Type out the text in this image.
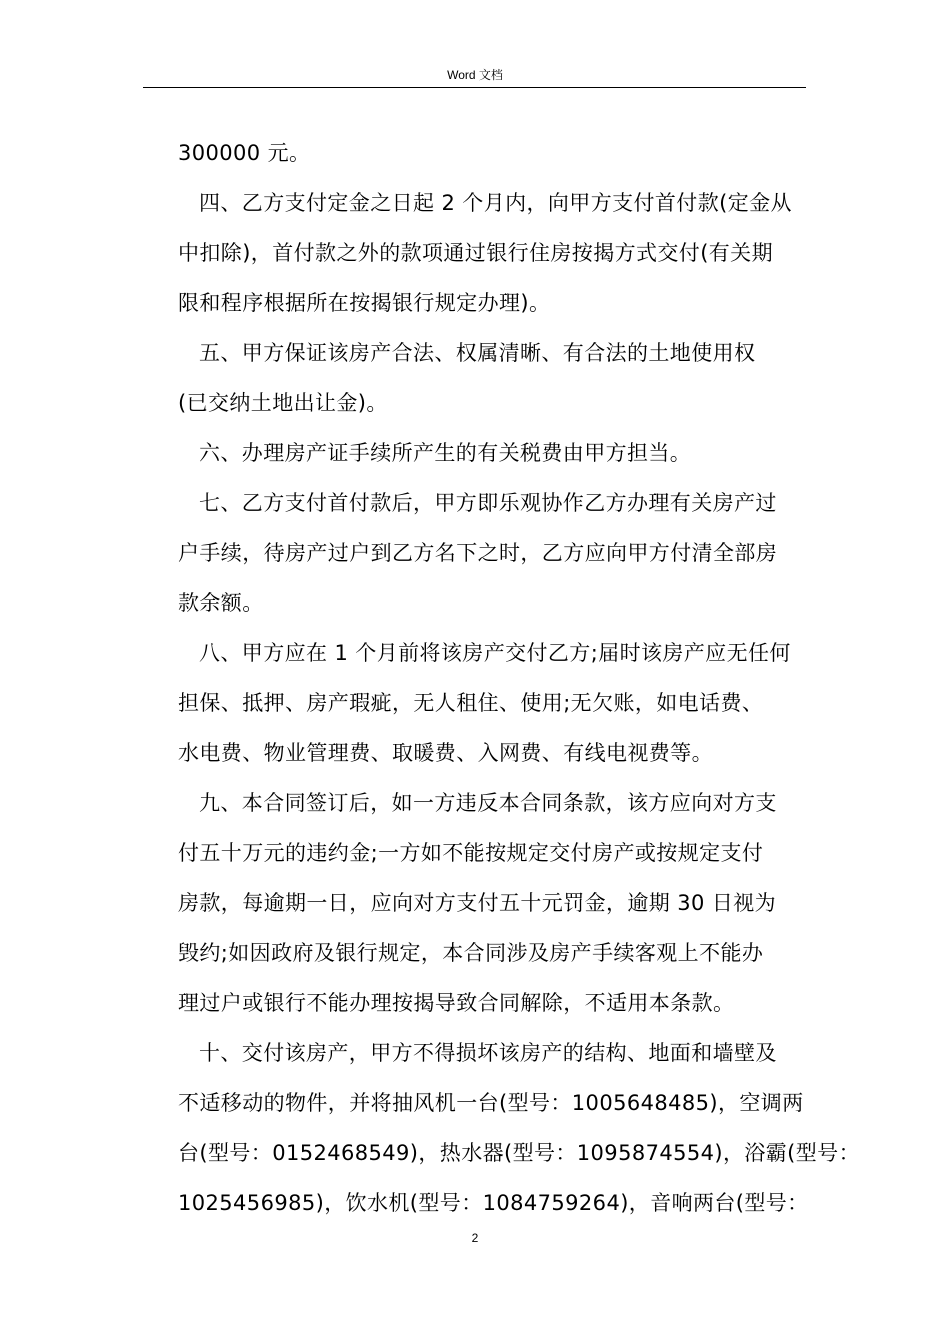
Word 文档
300000 元。
四、乙方支付定金之日起 2 个月内，向甲方支付首付款(定金从
中扣除)，首付款之外的款项通过银行住房按揭方式交付(有关期
限和程序根据所在按揭银行规定办理)。
五、甲方保证该房产合法、权属清晰、有合法的土地使用权
(已交纳土地出让金)。
六、办理房产证手续所产生的有关税费由甲方担当。
七、乙方支付首付款后，甲方即乐观协作乙方办理有关房产过
户手续，待房产过户到乙方名下之时，乙方应向甲方付清全部房
款余额。
八、甲方应在 1 个月前将该房产交付乙方;届时该房产应无任何
担保、抵押、房产瑕疵，无人租住、使用;无欠账，如电话费、
水电费、物业管理费、取暖费、入网费、有线电视费等。
九、本合同签订后，如一方违反本合同条款，该方应向对方支
付五十万元的违约金;一方如不能按规定交付房产或按规定支付
房款，每逾期一日，应向对方支付五十元罚金，逾期 30 日视为
毁约;如因政府及银行规定，本合同涉及房产手续客观上不能办
理过户或银行不能办理按揭导致合同解除，不适用本条款。
十、交付该房产，甲方不得损坏该房产的结构、地面和墙壁及
不适移动的物件，并将抽风机一台(型号：1005648485)，空调两
台(型号：0152468549)，热水器(型号：1095874554)，浴霸(型号：
1025456985)，饮水机(型号：1084759264)，音响两台(型号：
2
